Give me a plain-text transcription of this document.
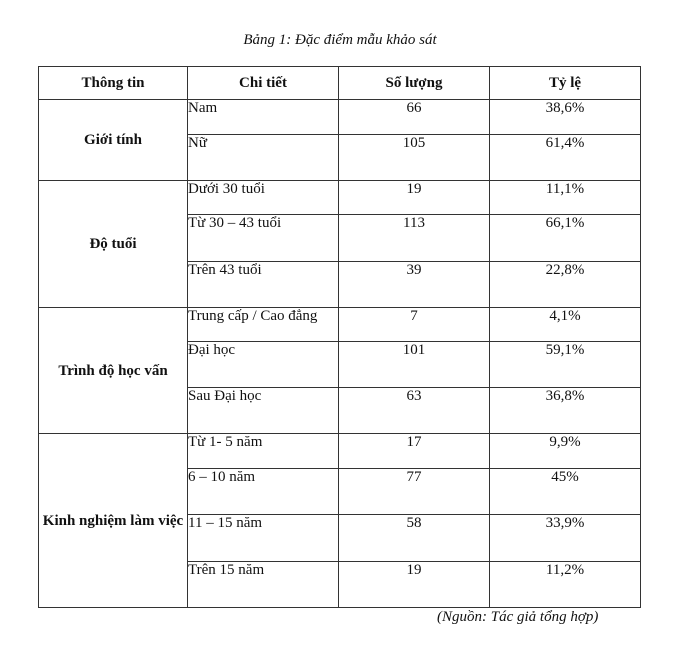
Bảng 1: Đặc điểm mẫu khảo sát
Thông tin	Chi tiết	Số lượng	Tỷ lệ
Giới tính	Nam	66	38,6%
	Nữ	105	61,4%
Độ tuổi	Dưới 30 tuổi	19	11,1%
	Từ 30 – 43 tuổi	113	66,1%
	Trên 43 tuổi	39	22,8%
Trình độ học vấn	Trung cấp / Cao đẳng	7	4,1%
	Đại học	101	59,1%
	Sau Đại học	63	36,8%
Kinh nghiệm làm việc	Từ 1- 5 năm	17	9,9%
	6 – 10 năm	77	45%
	11 – 15 năm	58	33,9%
	Trên 15 năm	19	11,2%
(Nguồn: Tác giả tổng hợp)
